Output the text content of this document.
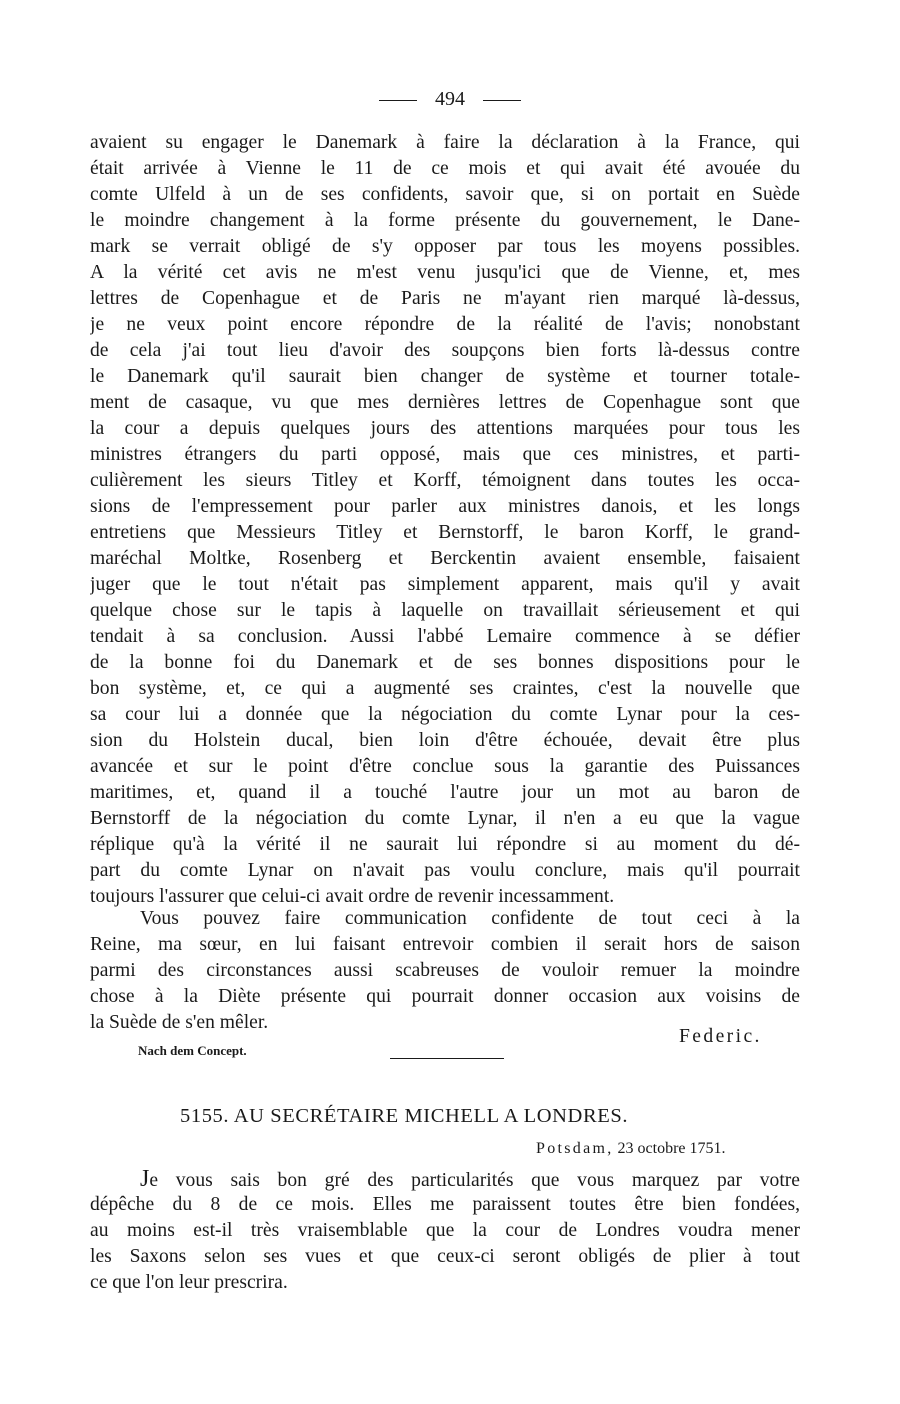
494
avaient su engager le Danemark à faire la déclaration à la France, qui
était arrivée à Vienne le 11 de ce mois et qui avait été avouée du
comte Ulfeld à un de ses confidents, savoir que, si on portait en Suède
le moindre changement à la forme présente du gouvernement, le Dane-
mark se verrait obligé de s'y opposer par tous les moyens possibles.
A la vérité cet avis ne m'est venu jusqu'ici que de Vienne, et, mes
lettres de Copenhague et de Paris ne m'ayant rien marqué là-dessus,
je ne veux point encore répondre de la réalité de l'avis; nonobstant
de cela j'ai tout lieu d'avoir des soupçons bien forts là-dessus contre
le Danemark qu'il saurait bien changer de système et tourner totale-
ment de casaque, vu que mes dernières lettres de Copenhague sont que
la cour a depuis quelques jours des attentions marquées pour tous les
ministres étrangers du parti opposé, mais que ces ministres, et parti-
culièrement les sieurs Titley et Korff, témoignent dans toutes les occa-
sions de l'empressement pour parler aux ministres danois, et les longs
entretiens que Messieurs Titley et Bernstorff, le baron Korff, le grand-
maréchal Moltke, Rosenberg et Berckentin avaient ensemble, faisaient
juger que le tout n'était pas simplement apparent, mais qu'il y avait
quelque chose sur le tapis à laquelle on travaillait sérieusement et qui
tendait à sa conclusion. Aussi l'abbé Lemaire commence à se défier
de la bonne foi du Danemark et de ses bonnes dispositions pour le
bon système, et, ce qui a augmenté ses craintes, c'est la nouvelle que
sa cour lui a donnée que la négociation du comte Lynar pour la ces-
sion du Holstein ducal, bien loin d'être échouée, devait être plus
avancée et sur le point d'être conclue sous la garantie des Puissances
maritimes, et, quand il a touché l'autre jour un mot au baron de
Bernstorff de la négociation du comte Lynar, il n'en a eu que la vague
réplique qu'à la vérité il ne saurait lui répondre si au moment du dé-
part du comte Lynar on n'avait pas voulu conclure, mais qu'il pourrait
toujours l'assurer que celui-ci avait ordre de revenir incessamment.
Vous pouvez faire communication confidente de tout ceci à la
Reine, ma sœur, en lui faisant entrevoir combien il serait hors de saison
parmi des circonstances aussi scabreuses de vouloir remuer la moindre
chose à la Diète présente qui pourrait donner occasion aux voisins de
la Suède de s'en mêler.
Federic.
Nach dem Concept.
5155. AU SECRÉTAIRE MICHELL A LONDRES.
Potsdam, 23 octobre 1751.
Je vous sais bon gré des particularités que vous marquez par votre
dépêche du 8 de ce mois. Elles me paraissent toutes être bien fondées,
au moins est-il très vraisemblable que la cour de Londres voudra mener
les Saxons selon ses vues et que ceux-ci seront obligés de plier à tout
ce que l'on leur prescrira.
